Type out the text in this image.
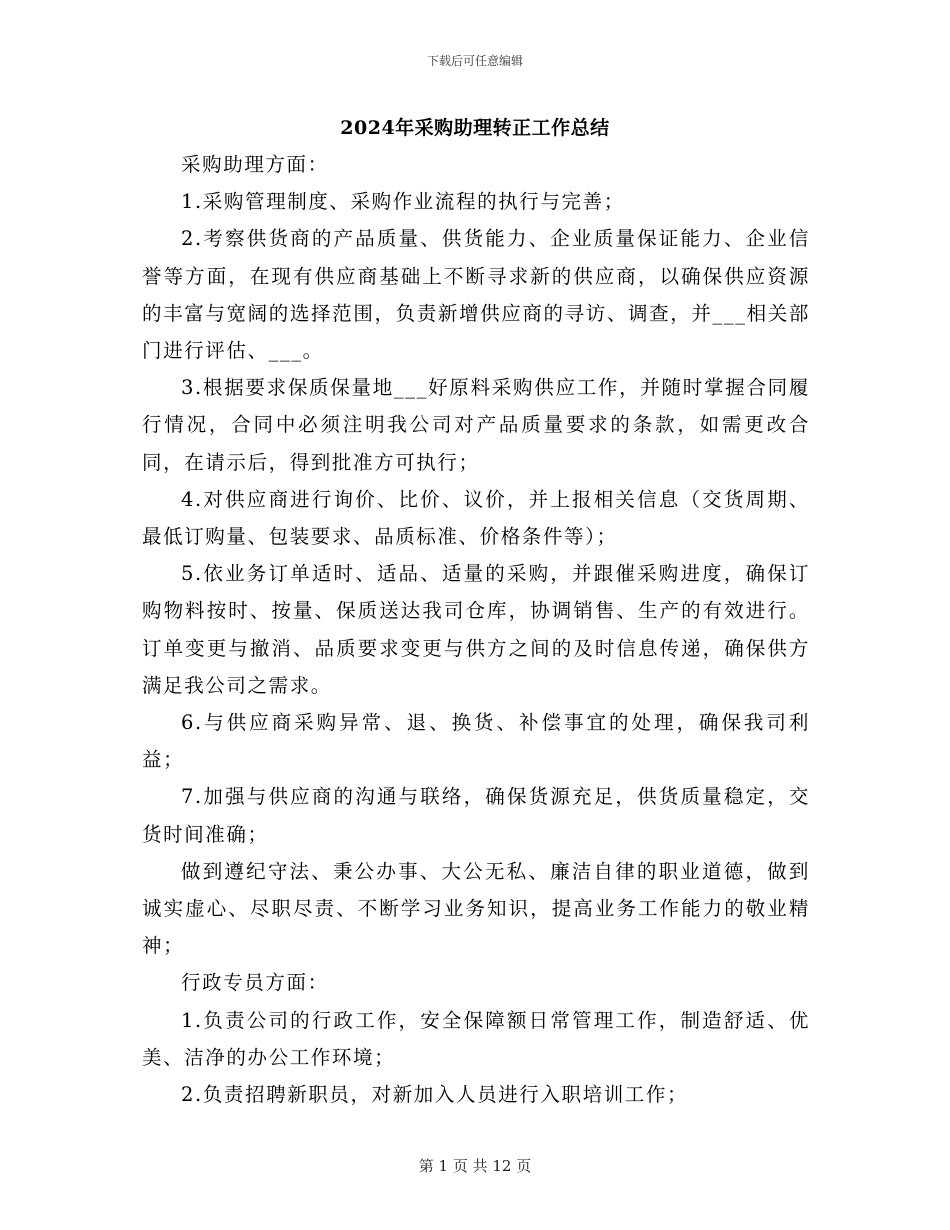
下载后可任意编辑
2024年采购助理转正工作总结

采购助理方面：

1.采购管理制度、采购作业流程的执行与完善；

2.考察供货商的产品质量、供货能力、企业质量保证能力、企业信誉等方面，在现有供应商基础上不断寻求新的供应商，以确保供应资源的丰富与宽阔的选择范围，负责新增供应商的寻访、调查，并___相关部门进行评估、___。

3.根据要求保质保量地___好原料采购供应工作，并随时掌握合同履行情况，合同中必须注明我公司对产品质量要求的条款，如需更改合同，在请示后，得到批准方可执行；

4.对供应商进行询价、比价、议价，并上报相关信息（交货周期、最低订购量、包装要求、品质标准、价格条件等）；

5.依业务订单适时、适品、适量的采购，并跟催采购进度，确保订购物料按时、按量、保质送达我司仓库，协调销售、生产的有效进行。订单变更与撤消、品质要求变更与供方之间的及时信息传递，确保供方满足我公司之需求。

6.与供应商采购异常、退、换货、补偿事宜的处理，确保我司利益；

7.加强与供应商的沟通与联络，确保货源充足，供货质量稳定，交货时间准确；

做到遵纪守法、秉公办事、大公无私、廉洁自律的职业道德，做到诚实虚心、尽职尽责、不断学习业务知识，提高业务工作能力的敬业精神；

行政专员方面：

1.负责公司的行政工作，安全保障额日常管理工作，制造舒适、优美、洁净的办公工作环境；

2.负责招聘新职员，对新加入人员进行入职培训工作；

第 1 页 共 12 页
